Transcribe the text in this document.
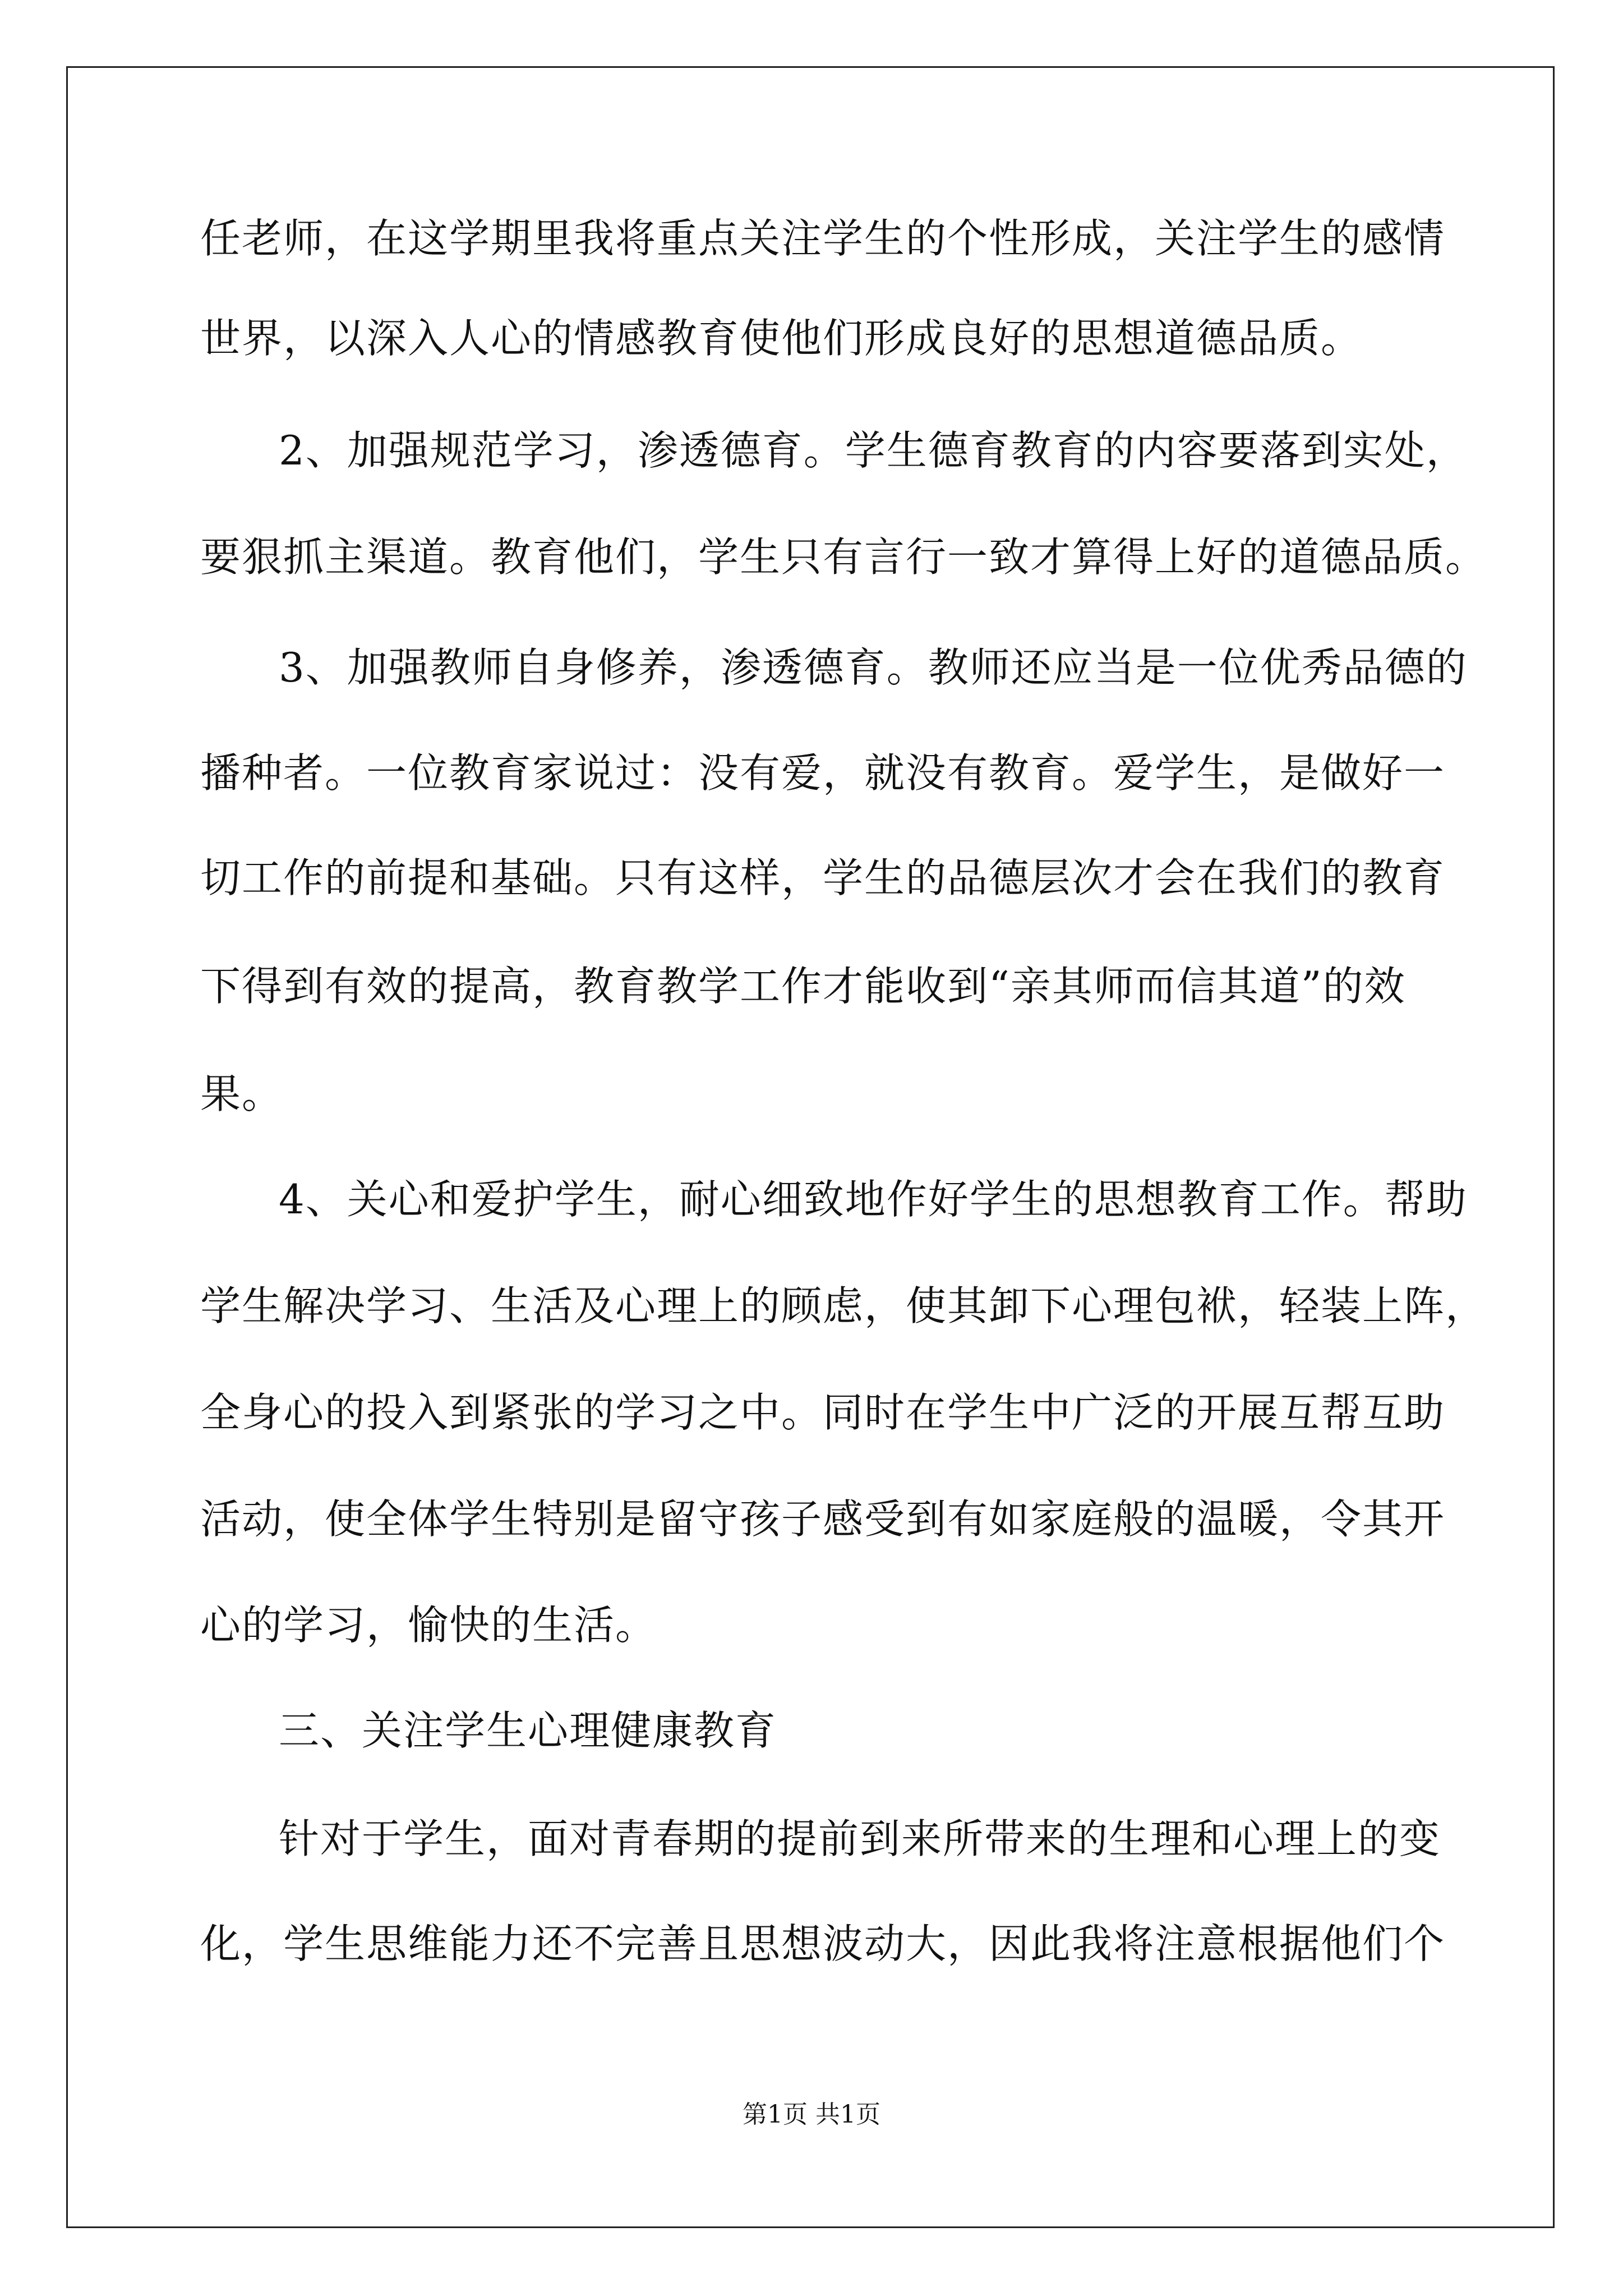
任老师，在这学期里我将重点关注学生的个性形成，关注学生的感情
世界，以深入人心的情感教育使他们形成良好的思想道德品质。
2、加强规范学习，渗透德育。学生德育教育的内容要落到实处，
要狠抓主渠道。教育他们，学生只有言行一致才算得上好的道德品质。
3、加强教师自身修养，渗透德育。教师还应当是一位优秀品德的
播种者。一位教育家说过：没有爱，就没有教育。爱学生，是做好一
切工作的前提和基础。只有这样，学生的品德层次才会在我们的教育
下得到有效的提高，教育教学工作才能收到“亲其师而信其道”的效
果。
4、关心和爱护学生，耐心细致地作好学生的思想教育工作。帮助
学生解决学习、生活及心理上的顾虑，使其卸下心理包袱，轻装上阵，
全身心的投入到紧张的学习之中。同时在学生中广泛的开展互帮互助
活动，使全体学生特别是留守孩子感受到有如家庭般的温暖，令其开
心的学习，愉快的生活。
三、关注学生心理健康教育
针对于学生，面对青春期的提前到来所带来的生理和心理上的变
化，学生思维能力还不完善且思想波动大，因此我将注意根据他们个
第1页 共1页
